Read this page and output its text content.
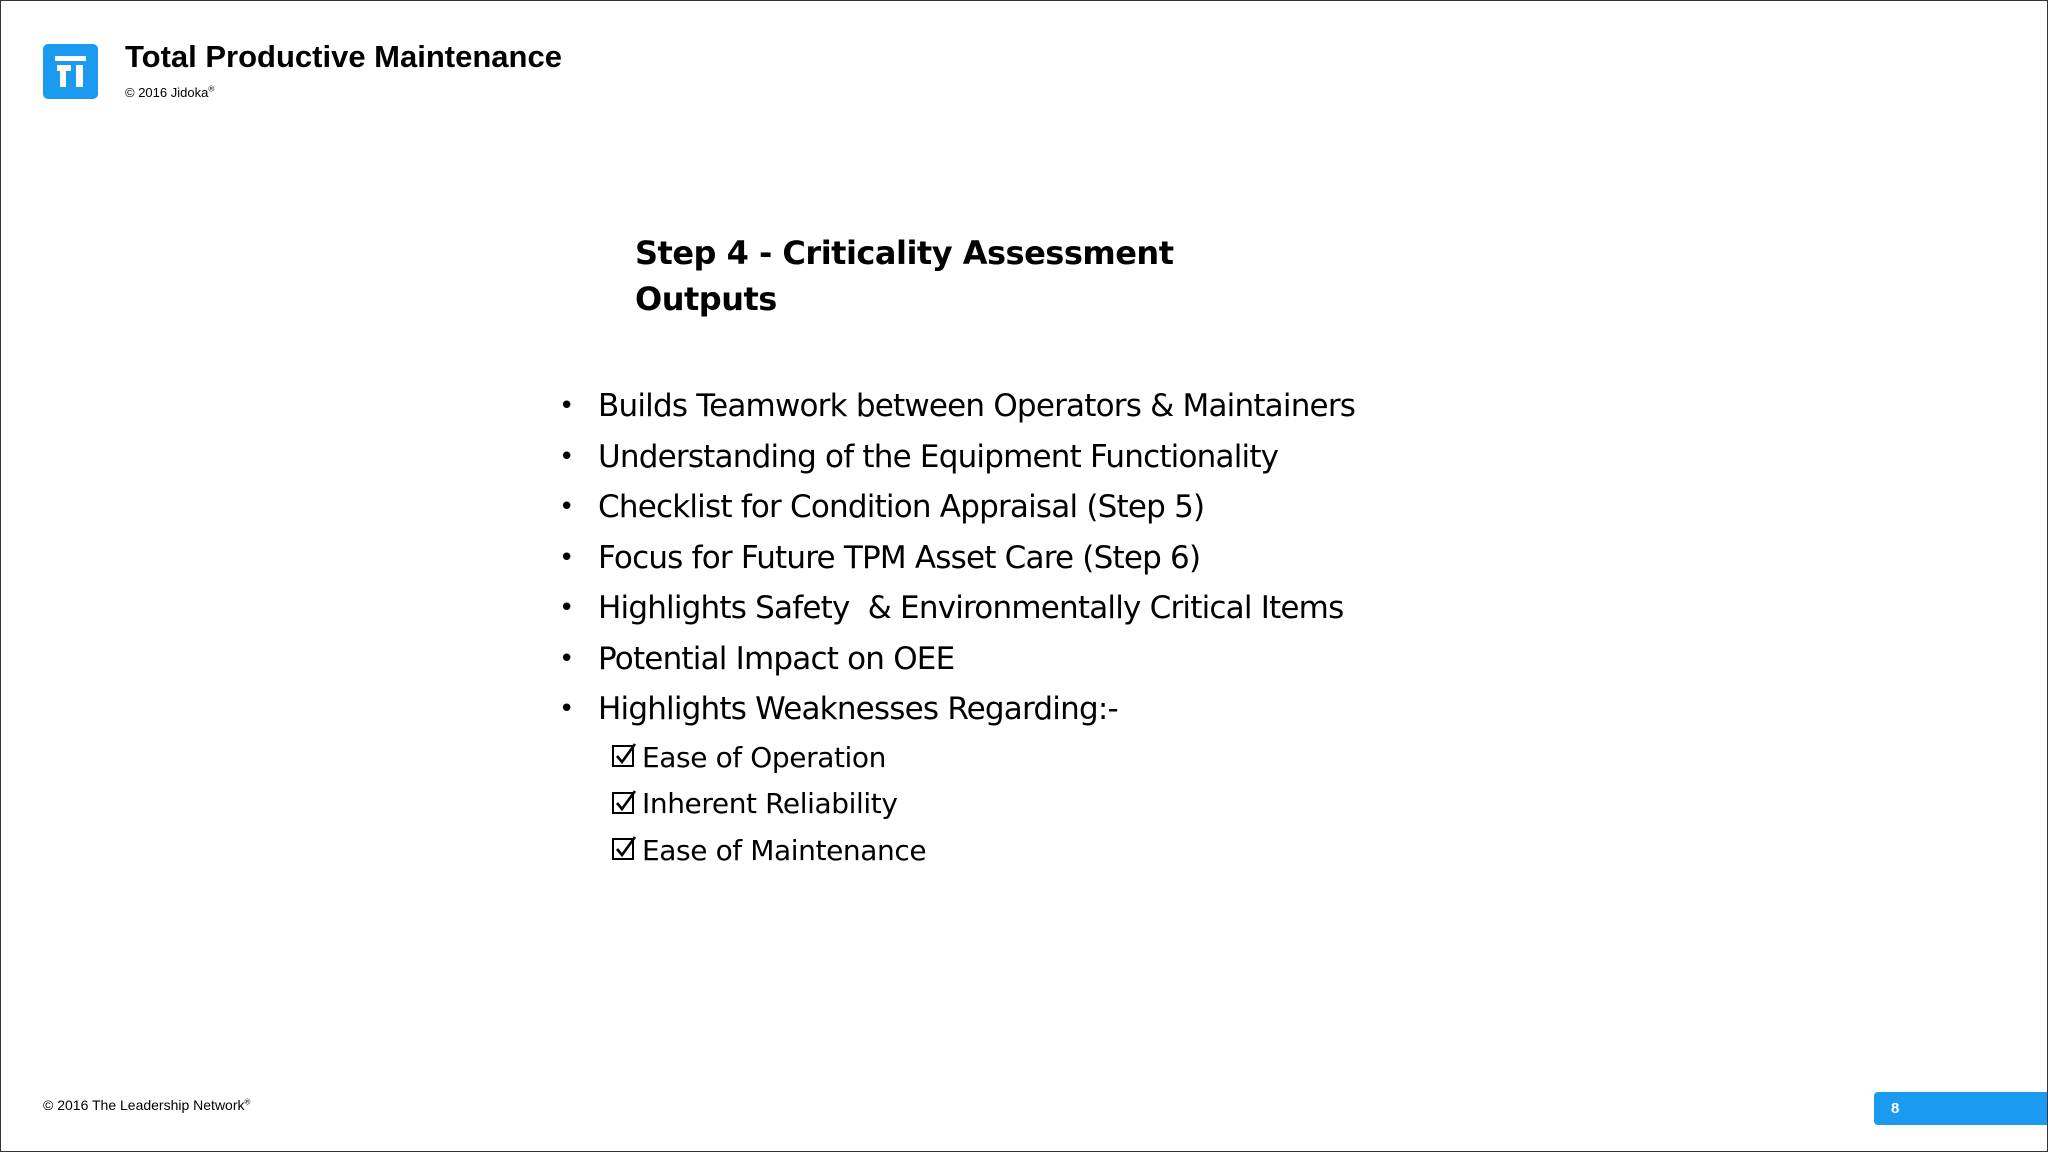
Total Productive Maintenance
© 2016 Jidoka®
Step 4 - Criticality Assessment
Outputs
• Builds Teamwork between Operators & Maintainers
• Understanding of the Equipment Functionality
• Checklist for Condition Appraisal (Step 5)
• Focus for Future TPM Asset Care (Step 6)
• Highlights Safety  & Environmentally Critical Items
• Potential Impact on OEE
• Highlights Weaknesses Regarding:-
Ease of Operation
Inherent Reliability
Ease of Maintenance
© 2016 The Leadership Network®	8
